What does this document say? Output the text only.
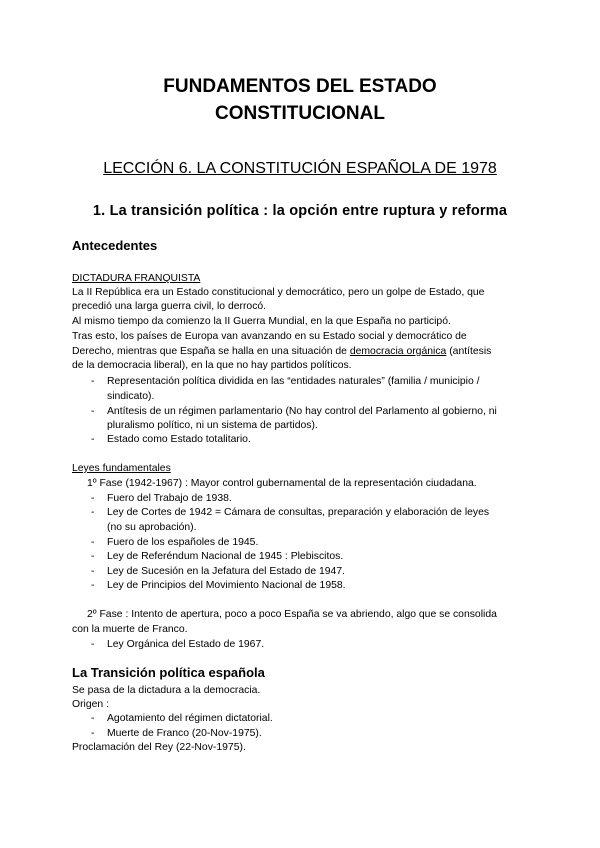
FUNDAMENTOS DEL ESTADO
CONSTITUCIONAL
LECCIÓN 6. LA CONSTITUCIÓN ESPAÑOLA DE 1978
1. La transición política : la opción entre ruptura y reforma
Antecedentes
DICTADURA FRANQUISTA
La II República era un Estado constitucional y democrático, pero un golpe de Estado, que
precedió una larga guerra civil, lo derrocó.
Al mismo tiempo da comienzo la II Guerra Mundial, en la que España no participó.
Tras esto, los países de Europa van avanzando en su Estado social y democrático de
Derecho, mientras que España se halla en una situación de democracia orgánica (antítesis
de la democracia liberal), en la que no hay partidos políticos.
- Representación política dividida en las “entidades naturales” (familia / municipio /
sindicato).
- Antítesis de un régimen parlamentario (No hay control del Parlamento al gobierno, ni
pluralismo político, ni un sistema de partidos).
- Estado como Estado totalitario.
Leyes fundamentales
1º Fase (1942-1967) : Mayor control gubernamental de la representación ciudadana.
- Fuero del Trabajo de 1938.
- Ley de Cortes de 1942 = Cámara de consultas, preparación y elaboración de leyes
(no su aprobación).
- Fuero de los españoles de 1945.
- Ley de Referéndum Nacional de 1945 : Plebiscitos.
- Ley de Sucesión en la Jefatura del Estado de 1947.
- Ley de Principios del Movimiento Nacional de 1958.
2º Fase : Intento de apertura, poco a poco España se va abriendo, algo que se consolida
con la muerte de Franco.
- Ley Orgánica del Estado de 1967.
La Transición política española
Se pasa de la dictadura a la democracia.
Origen :
- Agotamiento del régimen dictatorial.
- Muerte de Franco (20-Nov-1975).
Proclamación del Rey (22-Nov-1975).
